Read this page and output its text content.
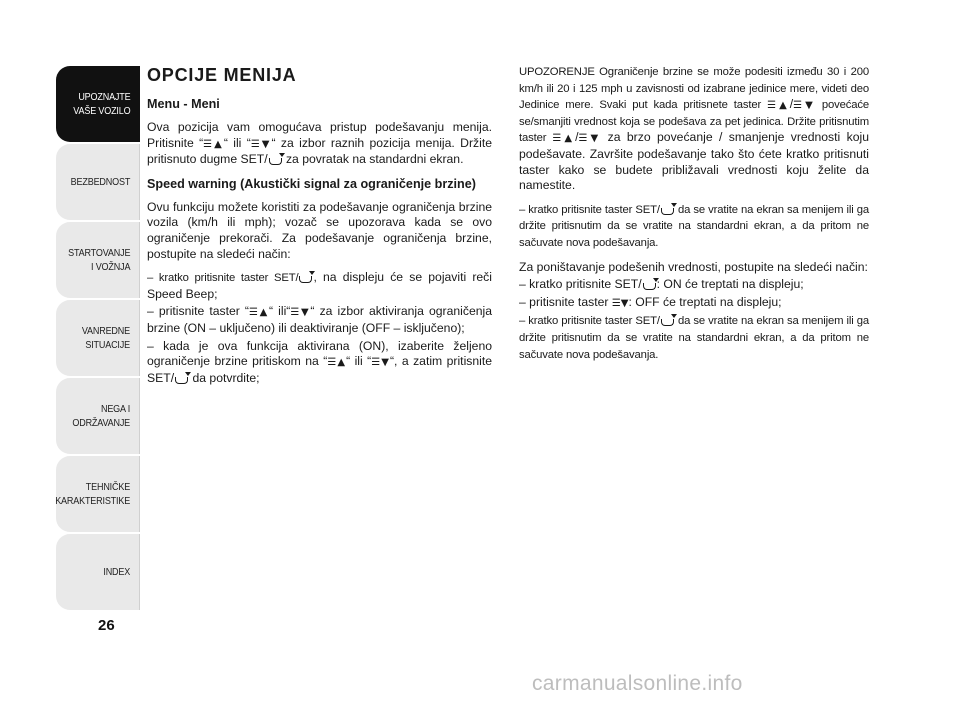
UPOZNAJTE
VAŠE VOZILO
BEZBEDNOST
STARTOVANJE
I VOŽNJA
VANREDNE
SITUACIJE
NEGA I
ODRŽAVANJE
TEHNIČKE
KARAKTERISTIKE
INDEX
26
OPCIJE MENIJA
Menu - Meni

Ova pozicija vam omogućava pristup podešavanju menija. Pritisnite “☰▲“ ili “☰▼“ za izbor raznih pozicija menija. Držite pritisnuto dugme SET/ za povratak na standardni ekran.

Speed warning (Akustički signal za ograničenje brzine)

Ovu funkciju možete koristiti za podešavanje ograničenja brzine vozila (km/h ili mph); vozač se upozorava kada se ovo ograničenje prekorači. Za podešavanje ograničenja brzine, postupite na sledeći način:

– kratko pritisnite taster SET/ , na displeju će se pojaviti reči Speed Beep;

– pritisnite taster “☰▲“ ili“☰▼“ za izbor aktiviranja ograničenja brzine (ON – uključeno) ili deaktiviranje (OFF – isključeno);

– kada je ova funkcija aktivirana (ON), izaberite željeno ograničenje brzine pritiskom na “☰▲“ ili “☰▼“, a zatim pritisnite SET/ da potvrdite;

UPOZORENJE Ograničenje brzine se može podesiti između 30 i 200 km/h ili 20 i 125 mph u zavisnosti od izabrane jedinice mere, videti deo Jedinice mere. Svaki put kada pritisnete taster ☰▲/☰▼ povećaće se/smanjiti vrednost koja se podešava za pet jedinica. Držite pritisnutim taster ☰▲/☰▼ za brzo povećanje / smanjenje vrednosti koju podešavate. Završite podešavanje tako što ćete kratko pritisnuti taster kako se budete približavali vrednosti koju želite da namestite.

– kratko pritisnite taster SET/ da se vratite na ekran sa menijem ili ga držite pritisnutim da se vratite na standardni ekran, a da pritom ne sačuvate nova podešavanja.

Za poništavanje podešenih vrednosti, postupite na sledeći način:

– kratko pritisnite SET/ : ON će treptati na displeju;

– pritisnite taster ☰▼: OFF će treptati na displeju;

– kratko pritisnite taster SET/ da se vratite na ekran sa menijem ili ga držite pritisnutim da se vratite na standardni ekran, a da pritom ne sačuvate nova podešavanja.

carmanualsonline.info
